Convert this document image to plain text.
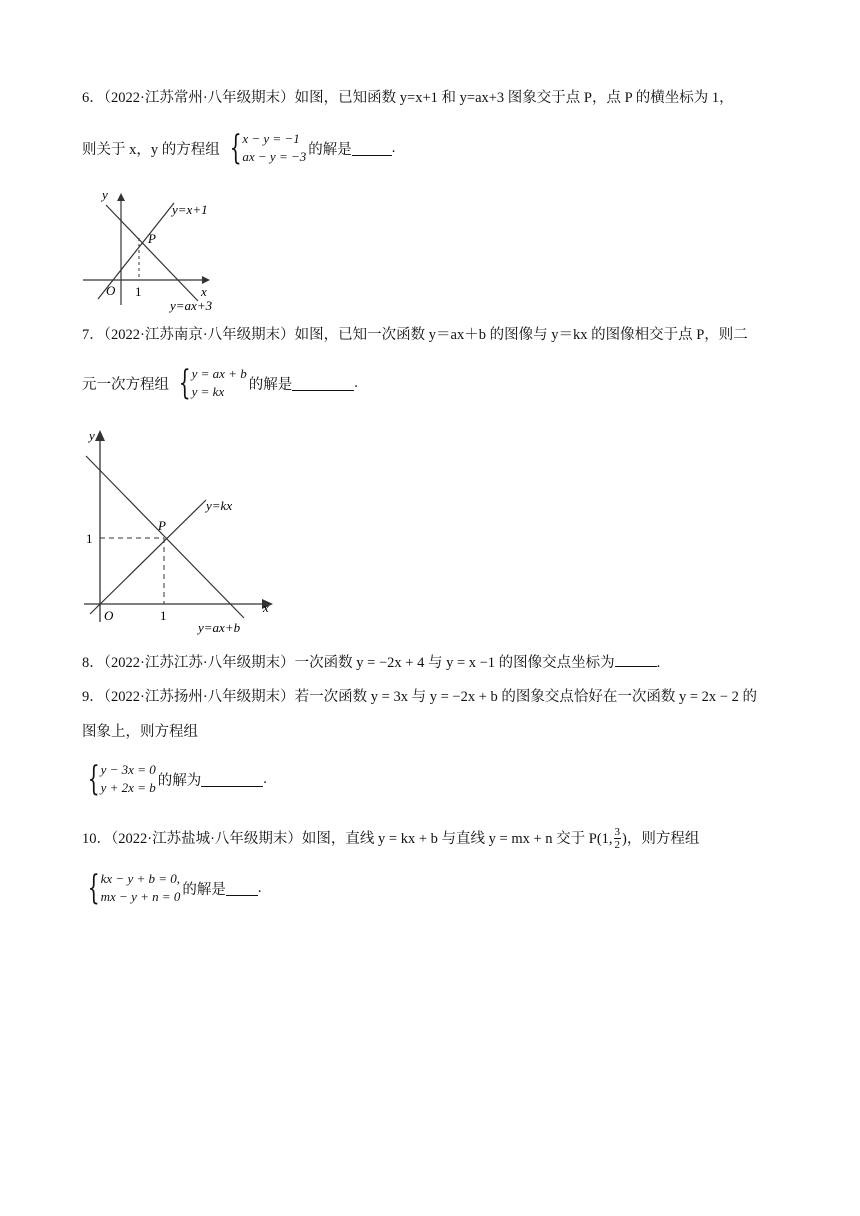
6．（2022·江苏常州·八年级期末）如图，已知函数 y=x+1 和 y=ax+3 图象交于点 P，点 P 的横坐标为 1，
则关于 x，y 的方程组 { x − y = −1
ax − y = −3 的解是	.
y
x
O 1
P
y=x+1
y=ax+3
7．（2022·江苏南京·八年级期末）如图，已知一次函数 y＝ax＋b 的图像与 y＝kx 的图像相交于点 P，则二
元一次方程组 { y = ax + b
y = kx	的解是	.
y
x
O	1
1
P
y=kx
y=ax+b
8．（2022·江苏江苏·八年级期末）一次函数 y = −2x + 4 与 y = x −1 的图像交点坐标为	.
9．（2022·江苏扬州·八年级期末）若一次函数 y = 3x 与 y = −2x + b 的图象交点恰好在一次函数 y = 2x − 2 的
图象上，则方程组
{ y − 3x = 0
y + 2x = b 的解为	.
10．（2022·江苏盐城·八年级期末）如图，直线 y = kx + b 与直线 y = mx + n 交于 P(1, $\frac{3}{2}$ )，则方程组
{ kx − y + b = 0,
mx − y + n = 0 的解是 .
